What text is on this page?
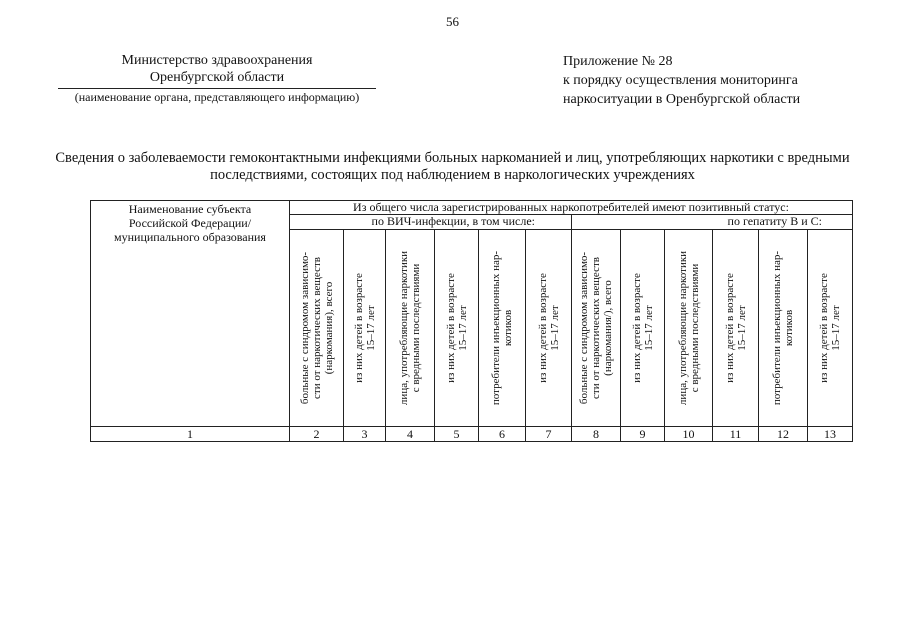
56
Министерство здравоохранения
Оренбургской области
(наименование органа, представляющего информацию)
Приложение № 28
к порядку осуществления мониторинга
наркоситуации в Оренбургской области
Сведения о заболеваемости гемоконтактными инфекциями больных наркоманией и лиц, употребляющих наркотики с вредными
последствиями, состоящих под наблюдением в наркологических учреждениях
Наименование субъекта
Российской Федерации/
муниципального образования	Из общего числа зарегистрированных наркопотребителей имеют позитивный статус:											
	по ВИЧ-инфекции, в том числе:						по гепатиту В и С:					

	больные с синдромом зависимо- сти от наркотических веществ (наркомания), всего	из них детей в возрасте 15–17 лет	лица, употребляющие наркотики с вредными последствиями	из них детей в возрасте 15–17 лет	потребители инъекционных нар- котиков	из них детей в возрасте 15–17 лет	больные с синдромом зависимо- сти от наркотических веществ (наркомания/), всего	из них детей в возрасте 15–17 лет	лица, употребляющие наркотики с вредными последствиями	из них детей в возрасте 15–17 лет	потребители инъекционных нар- котиков	из них детей в возрасте 15–17 лет

1	2	3	4	5	6	7	8	9	10	11	12	13
